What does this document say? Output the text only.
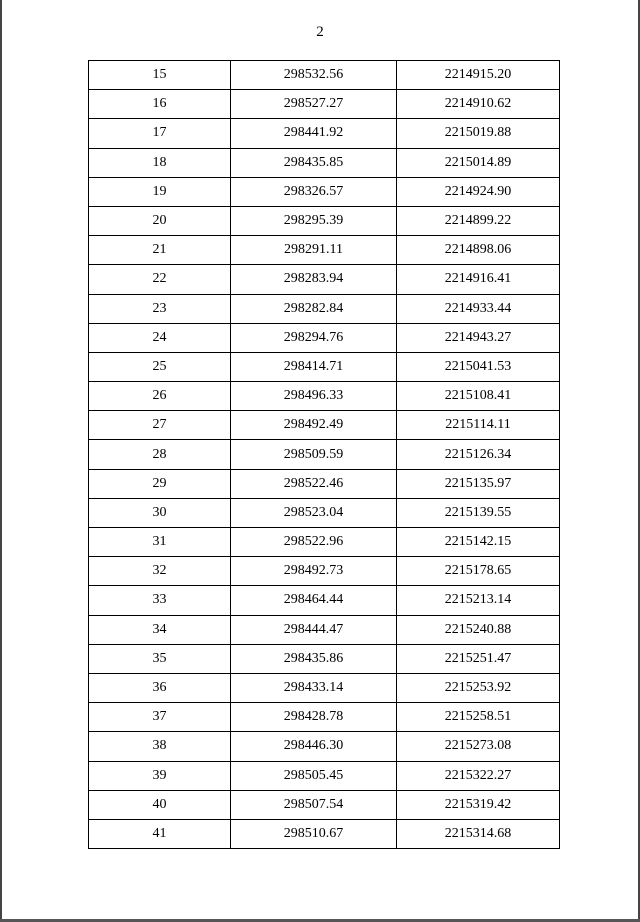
2
15	298532.56	2214915.20
16	298527.27	2214910.62
17	298441.92	2215019.88
18	298435.85	2215014.89
19	298326.57	2214924.90
20	298295.39	2214899.22
21	298291.11	2214898.06
22	298283.94	2214916.41
23	298282.84	2214933.44
24	298294.76	2214943.27
25	298414.71	2215041.53
26	298496.33	2215108.41
27	298492.49	2215114.11
28	298509.59	2215126.34
29	298522.46	2215135.97
30	298523.04	2215139.55
31	298522.96	2215142.15
32	298492.73	2215178.65
33	298464.44	2215213.14
34	298444.47	2215240.88
35	298435.86	2215251.47
36	298433.14	2215253.92
37	298428.78	2215258.51
38	298446.30	2215273.08
39	298505.45	2215322.27
40	298507.54	2215319.42
41	298510.67	2215314.68
